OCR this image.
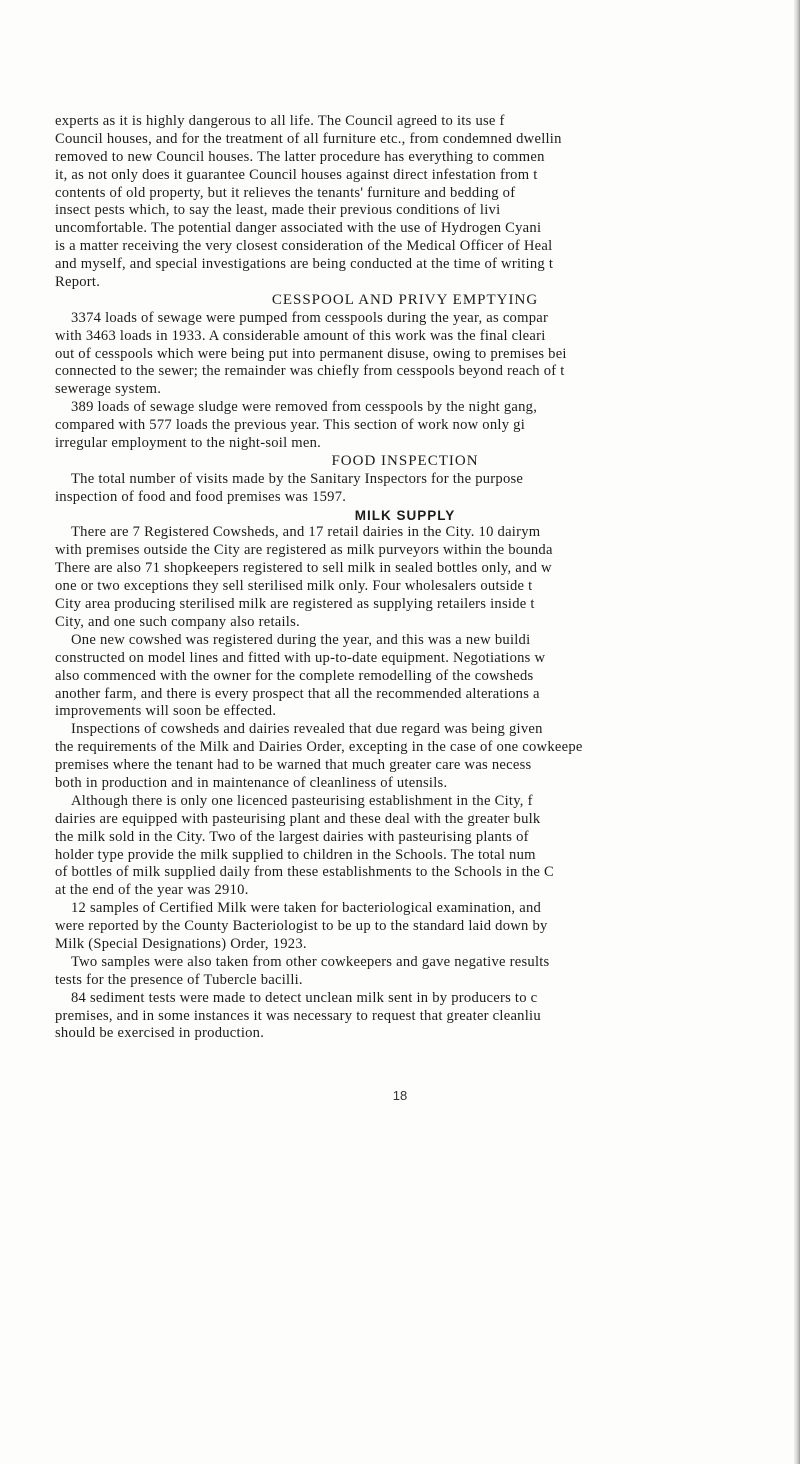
experts as it is highly dangerous to all life. The Council agreed to its use f
Council houses, and for the treatment of all furniture etc., from condemned dwellin
removed to new Council houses. The latter procedure has everything to commen
it, as not only does it guarantee Council houses against direct infestation from t
contents of old property, but it relieves the tenants' furniture and bedding of
insect pests which, to say the least, made their previous conditions of livi
uncomfortable. The potential danger associated with the use of Hydrogen Cyani
is a matter receiving the very closest consideration of the Medical Officer of Heal
and myself, and special investigations are being conducted at the time of writing t
Report.
CESSPOOL AND PRIVY EMPTYING
3374 loads of sewage were pumped from cesspools during the year, as compar
with 3463 loads in 1933. A considerable amount of this work was the final cleari
out of cesspools which were being put into permanent disuse, owing to premises bei
connected to the sewer; the remainder was chiefly from cesspools beyond reach of t
sewerage system.
389 loads of sewage sludge were removed from cesspools by the night gang,
compared with 577 loads the previous year. This section of work now only gi
irregular employment to the night-soil men.
FOOD INSPECTION
The total number of visits made by the Sanitary Inspectors for the purpose
inspection of food and food premises was 1597.
MILK SUPPLY
There are 7 Registered Cowsheds, and 17 retail dairies in the City. 10 dairym
with premises outside the City are registered as milk purveyors within the bounda
There are also 71 shopkeepers registered to sell milk in sealed bottles only, and w
one or two exceptions they sell sterilised milk only. Four wholesalers outside t
City area producing sterilised milk are registered as supplying retailers inside t
City, and one such company also retails.
One new cowshed was registered during the year, and this was a new buildi
constructed on model lines and fitted with up-to-date equipment. Negotiations w
also commenced with the owner for the complete remodelling of the cowsheds
another farm, and there is every prospect that all the recommended alterations a
improvements will soon be effected.
Inspections of cowsheds and dairies revealed that due regard was being given
the requirements of the Milk and Dairies Order, excepting in the case of one cowkeepe
premises where the tenant had to be warned that much greater care was necess
both in production and in maintenance of cleanliness of utensils.
Although there is only one licenced pasteurising establishment in the City, f
dairies are equipped with pasteurising plant and these deal with the greater bulk
the milk sold in the City. Two of the largest dairies with pasteurising plants of
holder type provide the milk supplied to children in the Schools. The total num
of bottles of milk supplied daily from these establishments to the Schools in the C
at the end of the year was 2910.
12 samples of Certified Milk were taken for bacteriological examination, and
were reported by the County Bacteriologist to be up to the standard laid down by
Milk (Special Designations) Order, 1923.
Two samples were also taken from other cowkeepers and gave negative results
tests for the presence of Tubercle bacilli.
84 sediment tests were made to detect unclean milk sent in by producers to c
premises, and in some instances it was necessary to request that greater cleanliu
should be exercised in production.
18
